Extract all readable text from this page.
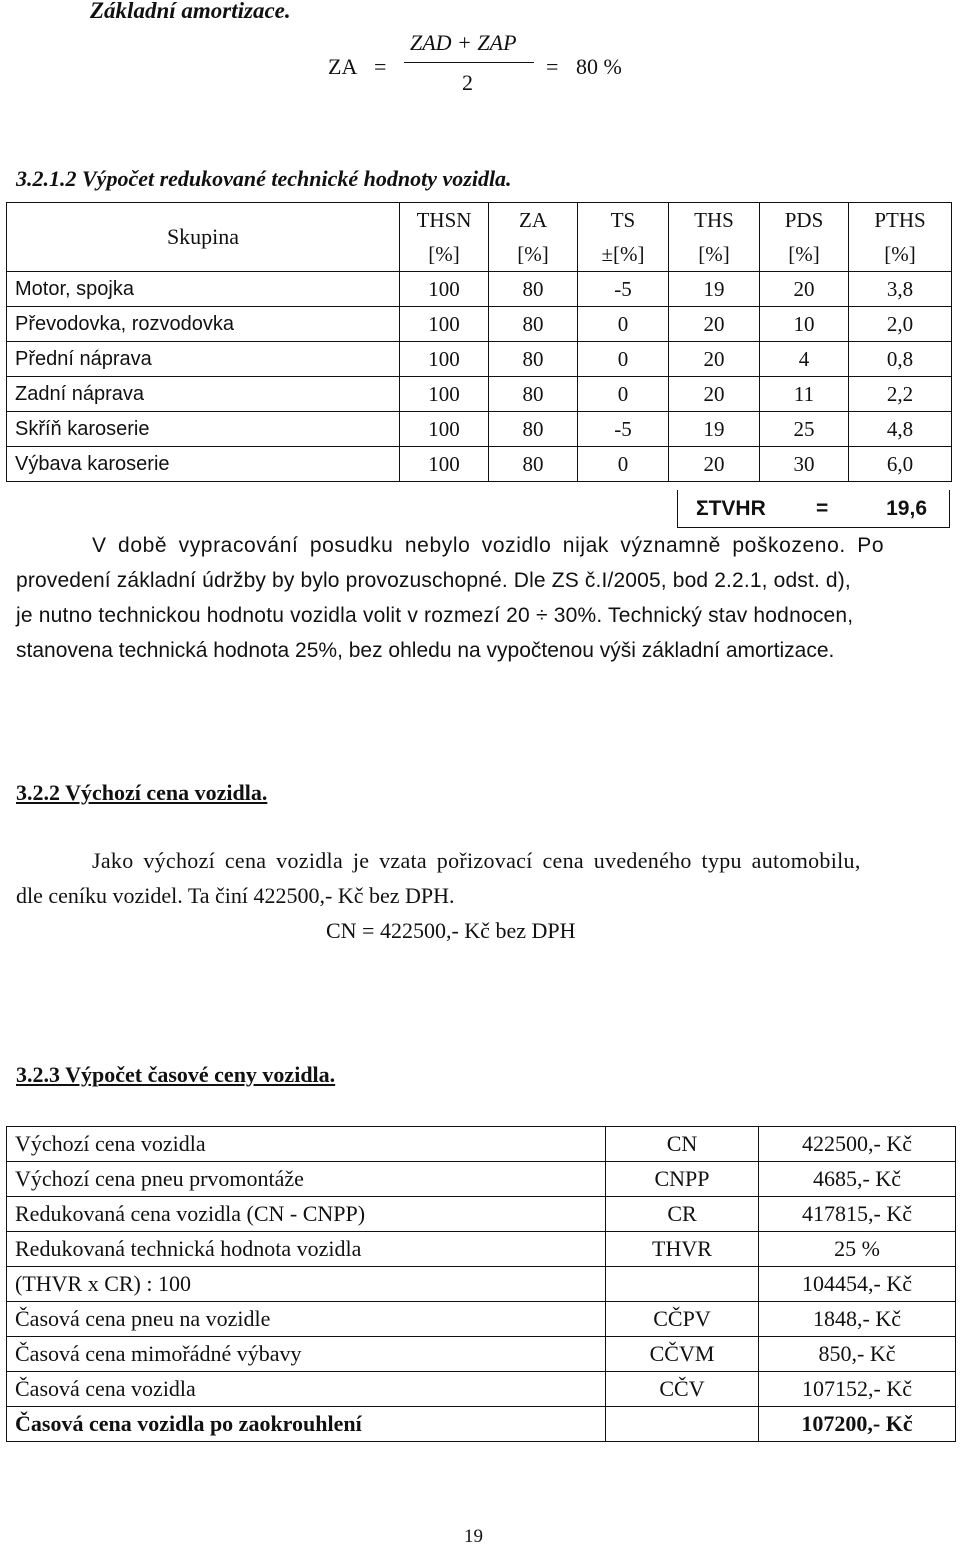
Základní amortizace.
ZA =
ZAD + ZAP
2
= 80 %
3.2.1.2 Výpočet redukované technické hodnoty vozidla.
Skupina	THSN	ZA	TS	THS	PDS	PTHS
	[%]	[%]	±[%]	[%]	[%]	[%]
Motor, spojka	100	80	-5	19	20	3,8
Převodovka, rozvodovka	100	80	0	20	10	2,0
Přední náprava	100	80	0	20	4	0,8
Zadní náprava	100	80	0	20	11	2,2
Skříň karoserie	100	80	-5	19	25	4,8
Výbava karoserie	100	80	0	20	30	6,0
ΣTVHR =	19,6
V době vypracování posudku nebylo vozidlo nijak významně poškozeno. Po
provedení základní údržby by bylo provozuschopné. Dle ZS č.I/2005, bod 2.2.1, odst. d),
je nutno technickou hodnotu vozidla volit v rozmezí 20 ÷ 30%. Technický stav hodnocen,
stanovena technická hodnota 25%, bez ohledu na vypočtenou výši základní amortizace.
3.2.2 Výchozí cena vozidla.
Jako výchozí cena vozidla je vzata pořizovací cena uvedeného typu automobilu,
dle ceníku vozidel. Ta činí 422500,- Kč bez DPH.
CN = 422500,- Kč bez DPH
3.2.3 Výpočet časové ceny vozidla.
Výchozí cena vozidla	CN	422500,- Kč
Výchozí cena pneu prvomontáže	CNPP	4685,- Kč
Redukovaná cena vozidla (CN - CNPP)	CR	417815,- Kč
Redukovaná technická hodnota vozidla	THVR	25 %
(THVR x CR) : 100		104454,- Kč
Časová cena pneu na vozidle	CČPV	1848,- Kč
Časová cena mimořádné výbavy	CČVM	850,- Kč
Časová cena vozidla	CČV	107152,- Kč
Časová cena vozidla po zaokrouhlení		107200,- Kč
19
